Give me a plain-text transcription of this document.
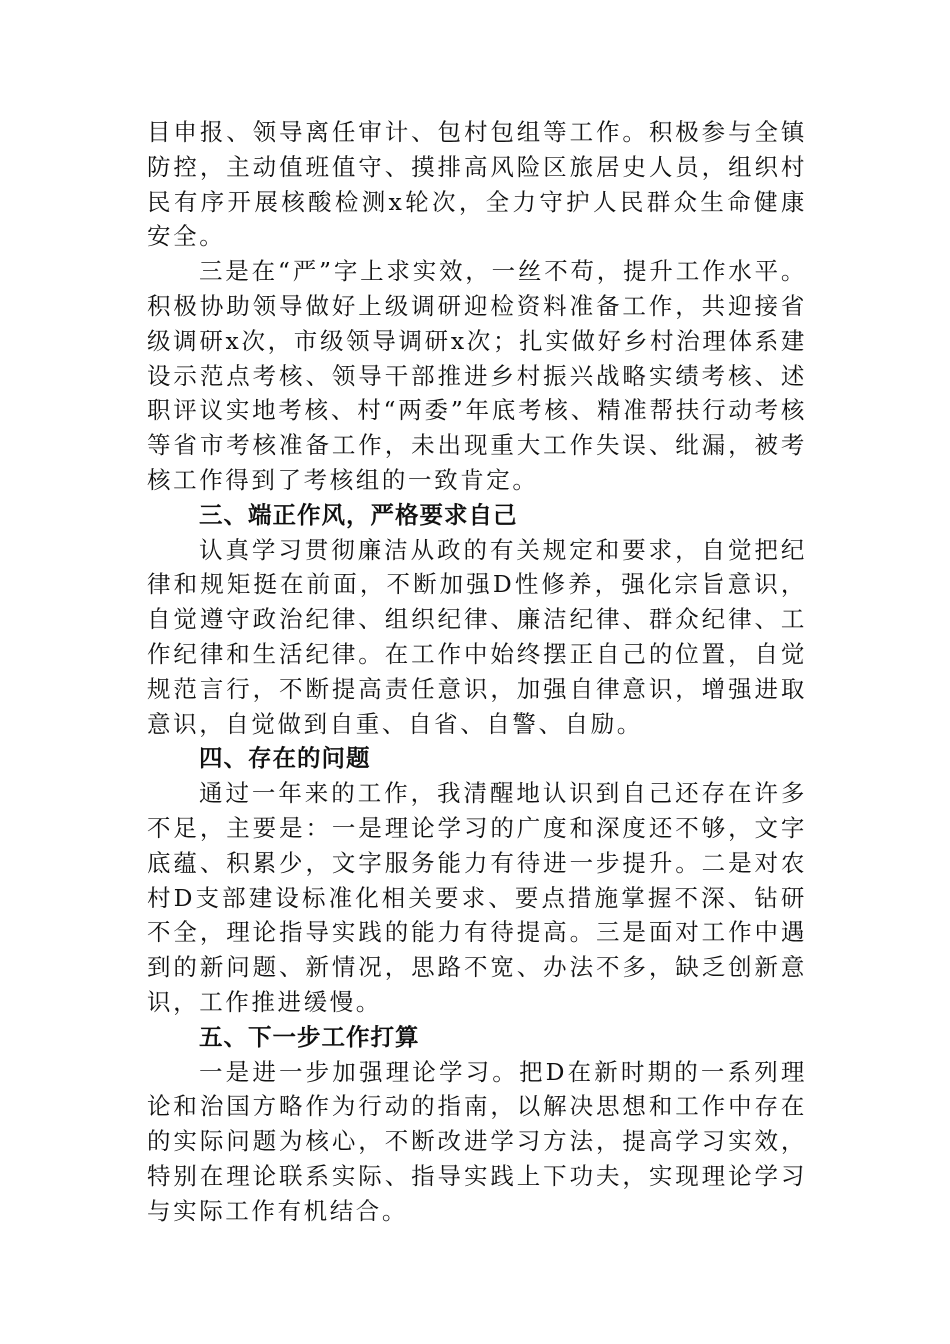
目申报、领导离任审计、包村包组等工作。积极参与全镇防控，主动值班值守、摸排高风险区旅居史人员，组织村民有序开展核酸检测x轮次，全力守护人民群众生命健康安全。

三是在“严”字上求实效，一丝不苟，提升工作水平。积极协助领导做好上级调研迎检资料准备工作，共迎接省级调研x次，市级领导调研x次；扎实做好乡村治理体系建设示范点考核、领导干部推进乡村振兴战略实绩考核、述职评议实地考核、村“两委”年底考核、精准帮扶行动考核等省市考核准备工作，未出现重大工作失误、纰漏，被考核工作得到了考核组的一致肯定。

三、端正作风，严格要求自己

认真学习贯彻廉洁从政的有关规定和要求，自觉把纪律和规矩挺在前面，不断加强D性修养，强化宗旨意识，自觉遵守政治纪律、组织纪律、廉洁纪律、群众纪律、工作纪律和生活纪律。在工作中始终摆正自己的位置，自觉规范言行，不断提高责任意识，加强自律意识，增强进取意识，自觉做到自重、自省、自警、自励。

四、存在的问题

通过一年来的工作，我清醒地认识到自己还存在许多不足，主要是：一是理论学习的广度和深度还不够，文字底蕴、积累少，文字服务能力有待进一步提升。二是对农村D支部建设标准化相关要求、要点措施掌握不深、钻研不全，理论指导实践的能力有待提高。三是面对工作中遇到的新问题、新情况，思路不宽、办法不多，缺乏创新意识，工作推进缓慢。

五、下一步工作打算

一是进一步加强理论学习。把D在新时期的一系列理论和治国方略作为行动的指南，以解决思想和工作中存在的实际问题为核心，不断改进学习方法，提高学习实效，特别在理论联系实际、指导实践上下功夫，实现理论学习与实际工作有机结合。
